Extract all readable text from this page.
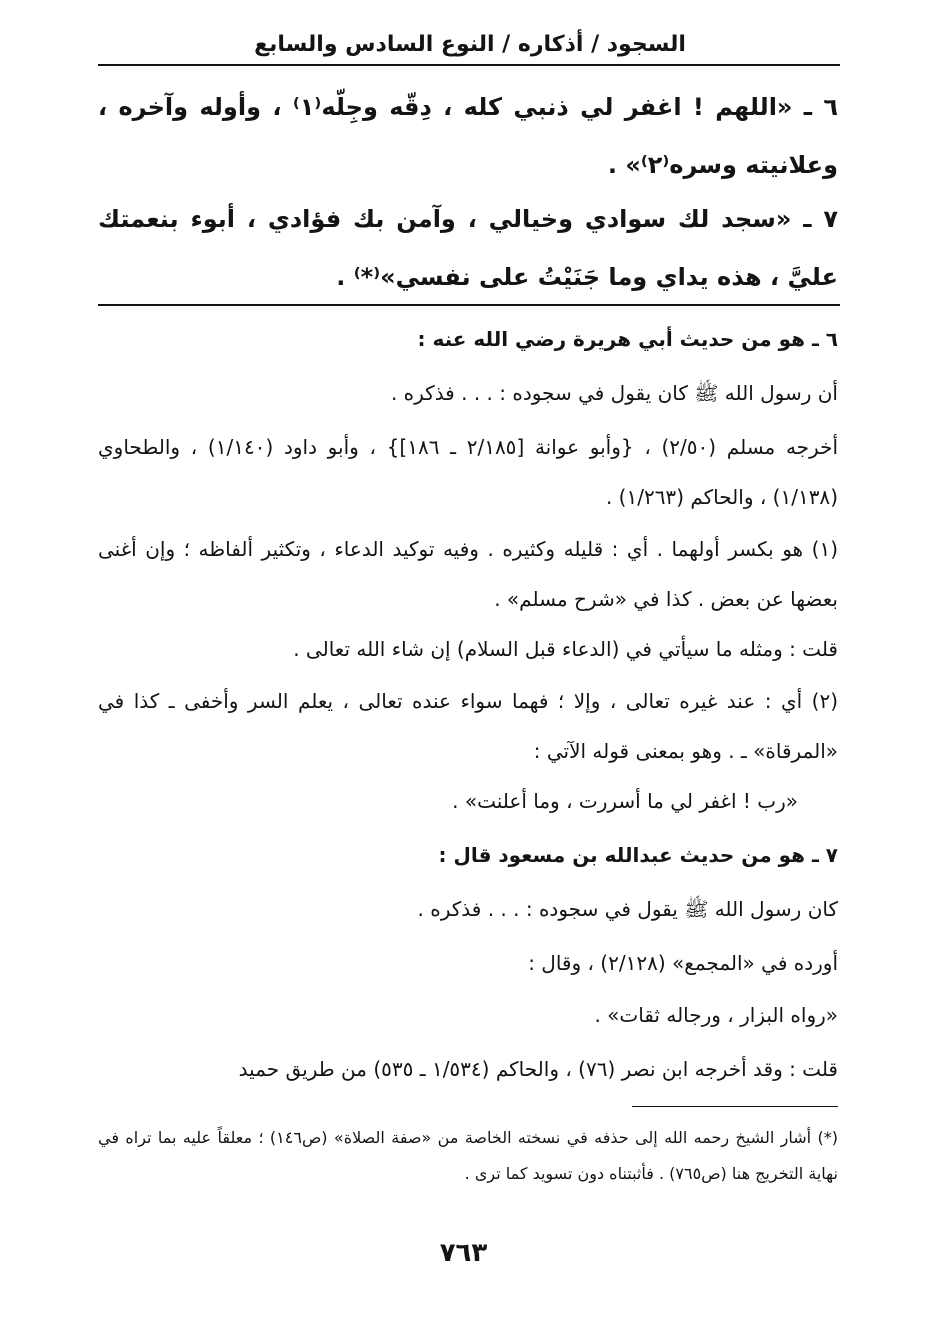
السجود / أذكاره / النوع السادس والسابع
٦ ـ «اللهم ! اغفر لي ذنبي كله ، دِقّه وجِلّه⁽١⁾ ، وأوله وآخره ، وعلانيته وسره⁽٢⁾» .
٧ ـ «سجد لك سوادي وخيالي ، وآمن بك فؤادي ، أبوء بنعمتك عليَّ ، هذه يداي وما جَنَيْتُ على نفسي»⁽*⁾ .
٦ ـ هو من حديث أبي هريرة رضي الله عنه :
أن رسول الله ﷺ كان يقول في سجوده : . . . فذكره .
أخرجه مسلم (٢/٥٠) ، {وأبو عوانة [٢/١٨٥ ـ ١٨٦]} ، وأبو داود (١/١٤٠) ، والطحاوي (١/١٣٨) ، والحاكم (١/٢٦٣) .
(١) هو بكسر أولهما . أي : قليله وكثيره . وفيه توكيد الدعاء ، وتكثير ألفاظه ؛ وإن أغنى بعضها عن بعض . كذا في «شرح مسلم» .
قلت : ومثله ما سيأتي في (الدعاء قبل السلام) إن شاء الله تعالى .
(٢) أي : عند غيره تعالى ، وإلا ؛ فهما سواء عنده تعالى ، يعلم السر وأخفى ـ كذا في «المرقاة» ـ . وهو بمعنى قوله الآتي :
«رب ! اغفر لي ما أسررت ، وما أعلنت» .
٧ ـ هو من حديث عبدالله بن مسعود قال :
كان رسول الله ﷺ يقول في سجوده : . . . فذكره .
أورده في «المجمع» (٢/١٢٨) ، وقال :
«رواه البزار ، ورجاله ثقات» .
قلت : وقد أخرجه ابن نصر (٧٦) ، والحاكم (١/٥٣٤ ـ ٥٣٥) من طريق حميد
(*) أشار الشيخ رحمه الله إلى حذفه في نسخته الخاصة من «صفة الصلاة» (ص١٤٦) ؛ معلقاً عليه بما تراه في نهاية التخريج هنا (ص٧٦٥) . فأثبتناه دون تسويد كما ترى .
٧٦٣
